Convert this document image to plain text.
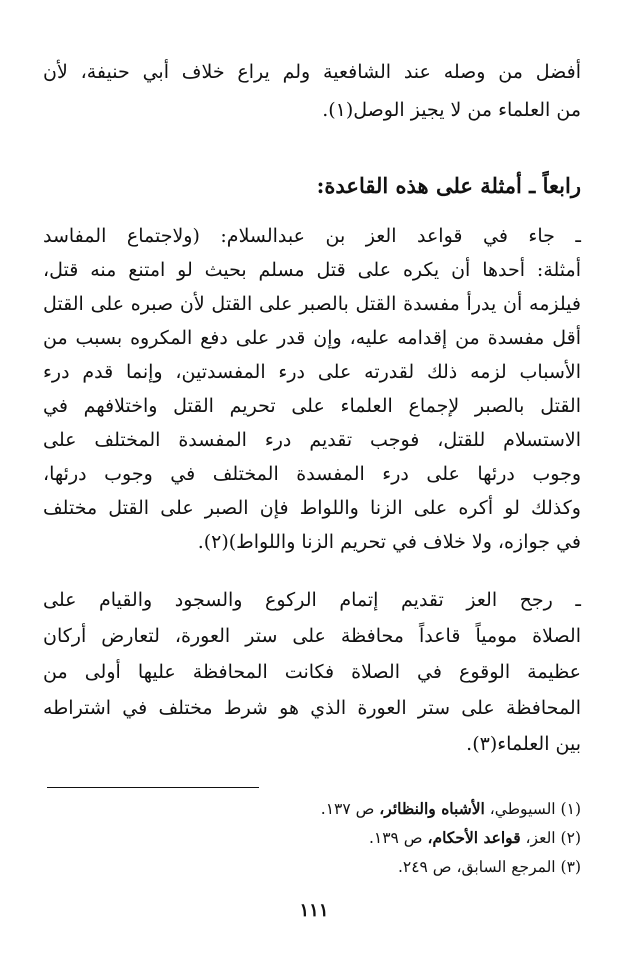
أفضل من وصله عند الشافعية ولم يراع خلاف أبي حنيفة، لأن
من العلماء من لا يجيز الوصل(١).
رابعاً ـ أمثلة على هذه القاعدة:
ـ جاء في قواعد العز بن عبدالسلام: (ولاجتماع المفاسد
أمثلة: أحدها أن يكره على قتل مسلم بحيث لو امتنع منه قتل،
فيلزمه أن يدرأ مفسدة القتل بالصبر على القتل لأن صبره على القتل
أقل مفسدة من إقدامه عليه، وإن قدر على دفع المكروه بسبب من
الأسباب لزمه ذلك لقدرته على درء المفسدتين، وإنما قدم درء
القتل بالصبر لإجماع العلماء على تحريم القتل واختلافهم في
الاستسلام للقتل، فوجب تقديم درء المفسدة المختلف على
وجوب درئها على درء المفسدة المختلف في وجوب درئها،
وكذلك لو أكره على الزنا واللواط فإن الصبر على القتل مختلف
في جوازه، ولا خلاف في تحريم الزنا واللواط)(٢).
ـ رجح العز تقديم إتمام الركوع والسجود والقيام على
الصلاة مومياً قاعداً محافظة على ستر العورة، لتعارض أركان
عظيمة الوقوع في الصلاة فكانت المحافظة عليها أولى من
المحافظة على ستر العورة الذي هو شرط مختلف في اشتراطه
بين العلماء(٣).
(١) السيوطي، الأشباه والنظائر، ص ١٣٧.
(٢) العز، قواعد الأحكام، ص ١٣٩.
(٣) المرجع السابق، ص ٢٤٩.
١١١
